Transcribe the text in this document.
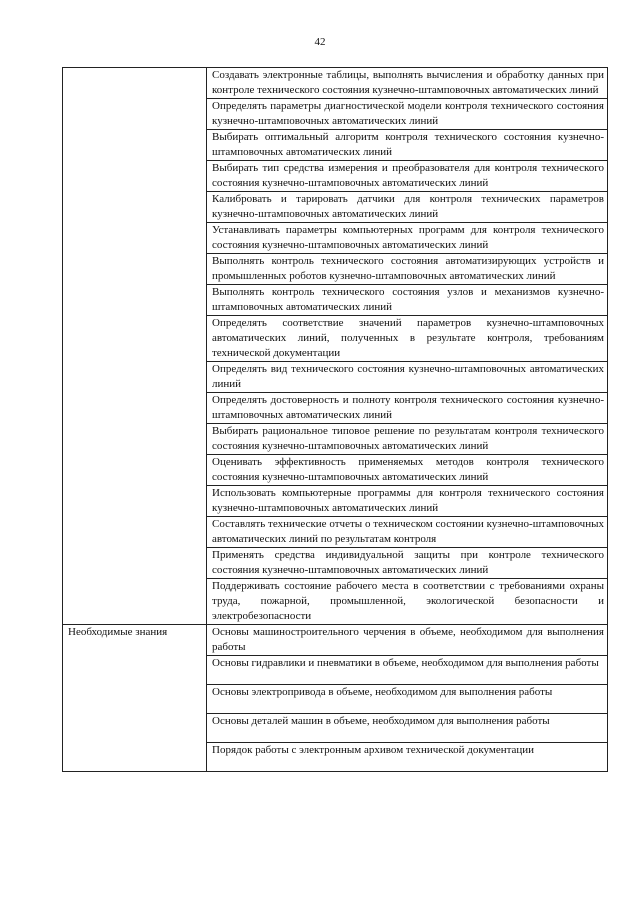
42
	Создавать электронные таблицы, выполнять вычисления и обработку данных при контроле технического состояния кузнечно-штамповочных автоматических линий
	Определять параметры диагностической модели контроля технического состояния кузнечно-штамповочных автоматических линий
	Выбирать оптимальный алгоритм контроля технического состояния кузнечно-штамповочных автоматических линий
	Выбирать тип средства измерения и преобразователя для контроля технического состояния кузнечно-штамповочных автоматических линий
	Калибровать и тарировать датчики для контроля технических параметров кузнечно-штамповочных автоматических линий
	Устанавливать параметры компьютерных программ для контроля технического состояния кузнечно-штамповочных автоматических линий
	Выполнять контроль технического состояния автоматизирующих устройств и промышленных роботов кузнечно-штамповочных автоматических линий
	Выполнять контроль технического состояния узлов и механизмов кузнечно-штамповочных автоматических линий
	Определять соответствие значений параметров кузнечно-штамповочных автоматических линий, полученных в результате контроля, требованиям технической документации
	Определять вид технического состояния кузнечно-штамповочных автоматических линий
	Определять достоверность и полноту контроля технического состояния кузнечно-штамповочных автоматических линий
	Выбирать рациональное типовое решение по результатам контроля технического состояния кузнечно-штамповочных автоматических линий
	Оценивать эффективность применяемых методов контроля технического состояния кузнечно-штамповочных автоматических линий
	Использовать компьютерные программы для контроля технического состояния кузнечно-штамповочных автоматических линий
	Составлять технические отчеты о техническом состоянии кузнечно-штамповочных автоматических линий по результатам контроля
	Применять средства индивидуальной защиты при контроле технического состояния кузнечно-штамповочных автоматических линий
	Поддерживать состояние рабочего места в соответствии с требованиями охраны труда, пожарной, промышленной, экологической безопасности и электробезопасности
Необходимые знания	Основы машиностроительного черчения в объеме, необходимом для выполнения работы
	Основы гидравлики и пневматики в объеме, необходимом для выполнения работы
	Основы электропривода в объеме, необходимом для выполнения работы
	Основы деталей машин в объеме, необходимом для выполнения работы
	Порядок работы с электронным архивом технической документации
